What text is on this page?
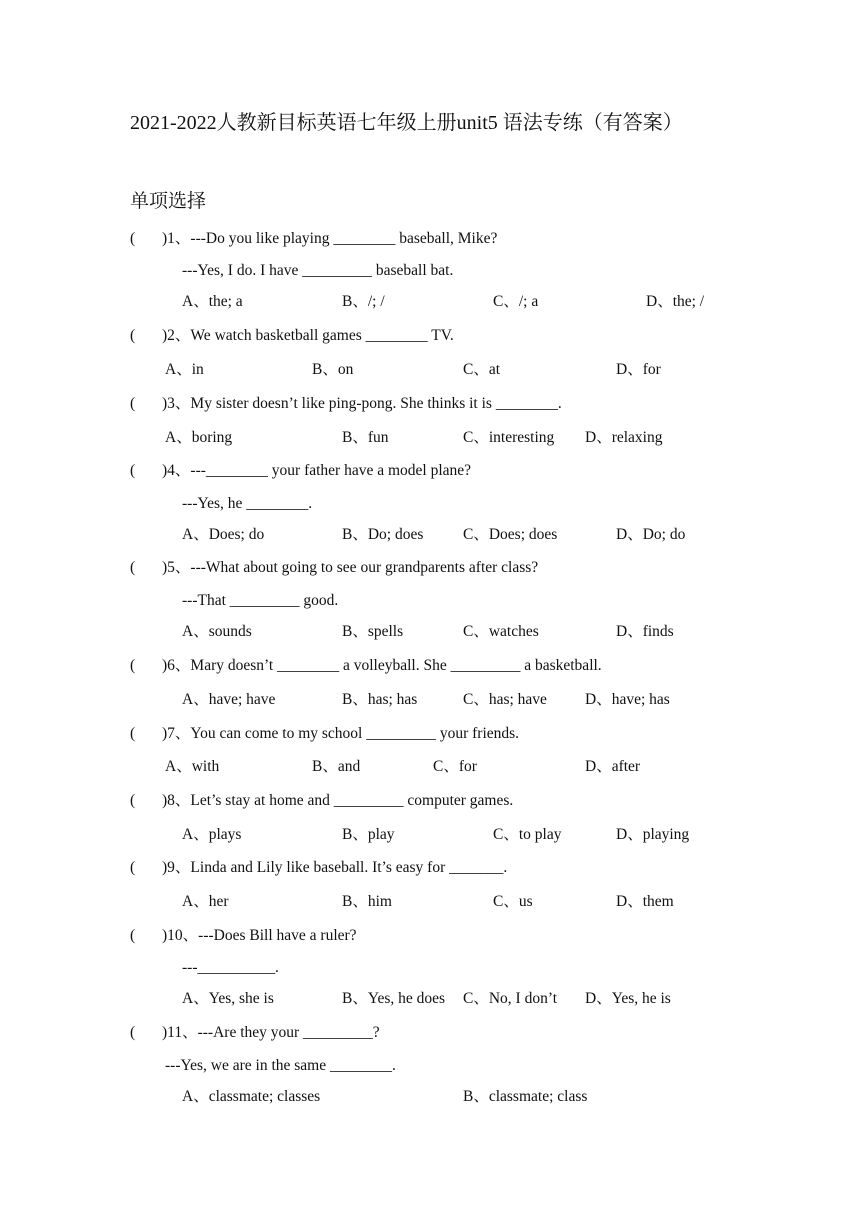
2021-2022人教新目标英语七年级上册unit5 语法专练（有答案）
单项选择
( )1、---Do you like playing ________ baseball, Mike?
---Yes, I do. I have _________ baseball bat.
A、the; a	B、/; /	C、/; a	D、the; /
( )2、We watch basketball games ________ TV.
A、in	B、on	C、at	D、for
( )3、My sister doesn’t like ping-pong. She thinks it is ________.
A、boring	B、fun	C、interesting D、relaxing
( )4、---________ your father have a model plane?
---Yes, he ________.
A、Does; do	B、Do; does	C、Does; does	D、Do; do
( )5、---What about going to see our grandparents after class?
---That _________ good.
A、sounds	B、spells	C、watches	D、finds
( )6、Mary doesn’t ________ a volleyball. She _________ a basketball.
A、have; have	B、has; has	C、has; have D、have; has
( )7、You can come to my school _________ your friends.
A、with	B、and	C、for	D、after
( )8、Let’s stay at home and _________ computer games.
A、plays	B、play	C、to play	D、playing
( )9、Linda and Lily like baseball. It’s easy for _______.
A、her	B、him	C、us	D、them
( )10、---Does Bill have a ruler?
---__________.
A、Yes, she is	B、Yes, he does C、No, I don’t D、Yes, he is
( )11、---Are they your _________?
---Yes, we are in the same ________.
A、classmate; classes	B、classmate; class
